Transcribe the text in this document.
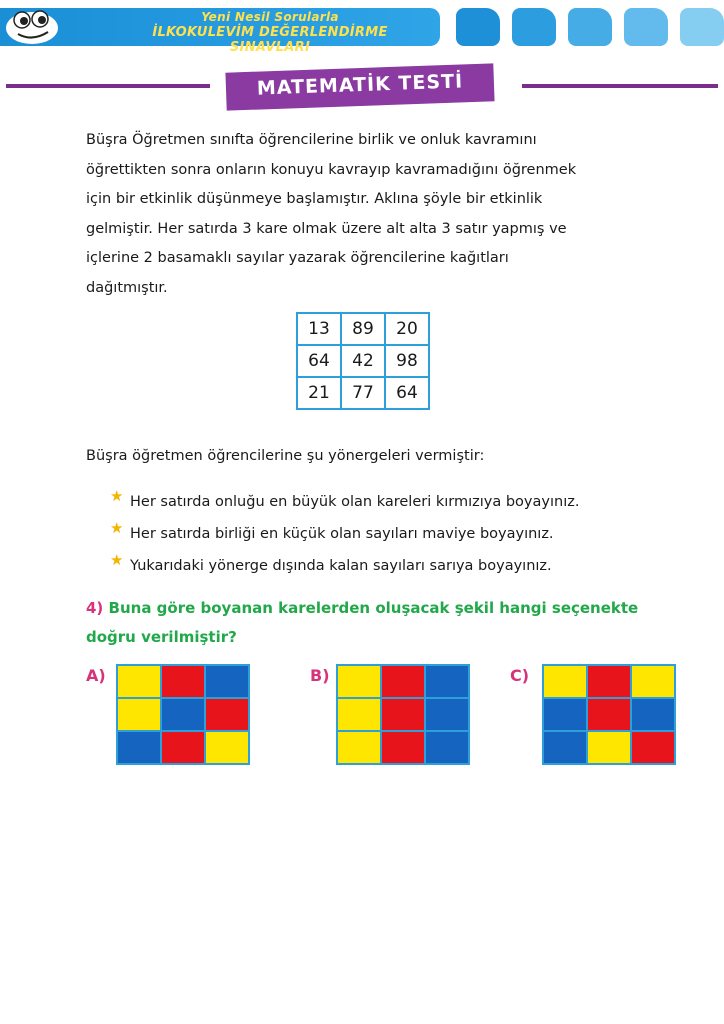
Yeni Nesil Sorularla
İLKOKULEVİM DEĞERLENDİRME SINAVLARI
MATEMATİK TESTİ
Büşra Öğretmen sınıfta öğrencilerine birlik ve onluk kavramını
öğrettikten sonra onların konuyu kavrayıp kavramadığını öğrenmek
için bir etkinlik düşünmeye başlamıştır. Aklına şöyle bir etkinlik
gelmiştir. Her satırda 3 kare olmak üzere alt alta 3 satır yapmış ve
içlerine 2 basamaklı sayılar yazarak öğrencilerine kağıtları
dağıtmıştır.
13	89	20
64	42	98
21	77	64
Büşra öğretmen öğrencilerine şu yönergeleri vermiştir:
★ Her satırda onluğu en büyük olan kareleri kırmızıya boyayınız.
★ Her satırda birliği en küçük olan sayıları maviye boyayınız.
★ Yukarıdaki yönerge dışında kalan sayıları sarıya boyayınız.
4) Buna göre boyanan karelerden oluşacak şekil hangi seçenekte
doğru verilmiştir?
A)	B)	C)
